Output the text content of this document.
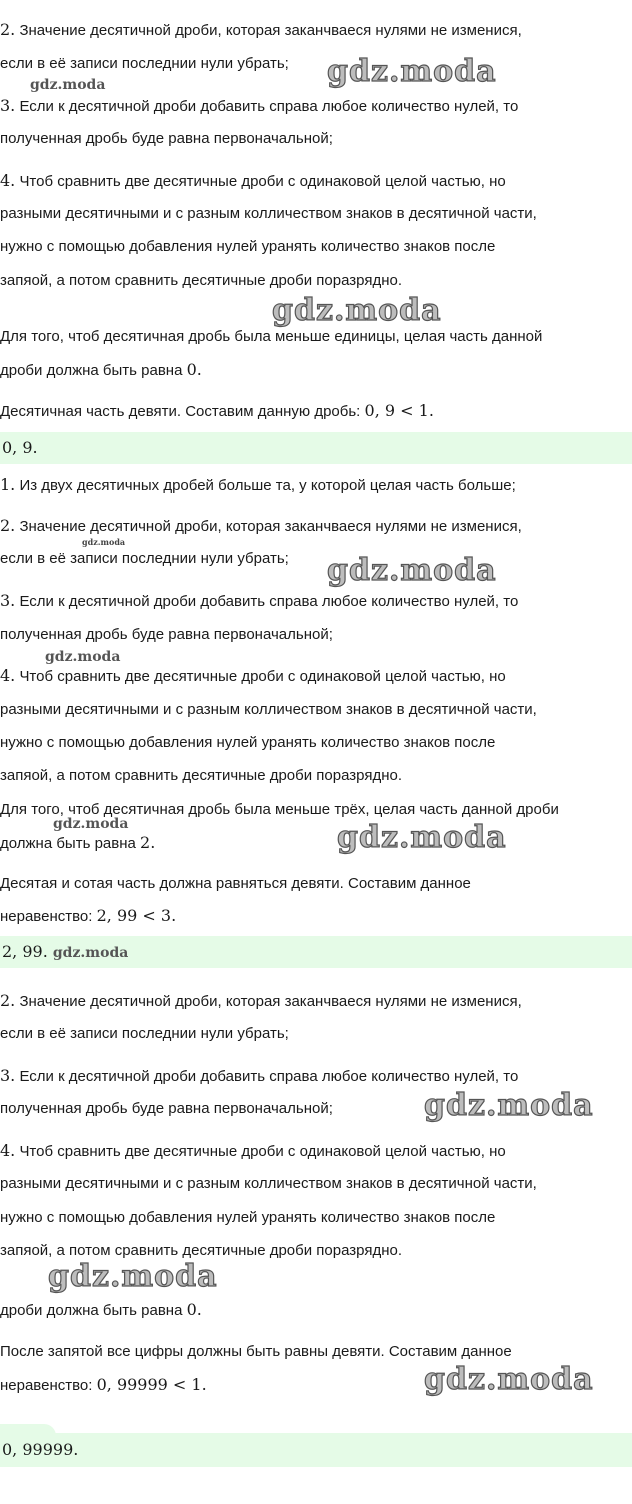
2. Значение десятичной дроби, которая заканчваеся нулями не изменися,
если в её записи последнии нули убрать; gdz.moda
gdz.moda
3. Если к десятичной дроби добавить справа любое количество нулей, то
полученная дробь буде равна первоначальной;
4. Чтоб сравнить две десятичные дроби с одинаковой целой частью, но
разными десятичными и с разным колличеством знаков в десятичной части,
нужно с помощью добавления нулей уранять количество знаков после
запяой, а потом сравнить десятичные дроби поразрядно.
gdz.moda
Для того, чтоб десятичная дробь была меньше единицы, целая часть данной
дроби должна быть равна 0.
Десятичная часть девяти. Составим данную дробь: 0, 9 < 1.
0, 9.
1. Из двух десятичных дробей больше та, у которой целая часть больше;
2. Значение десятичной дроби, которая заканчваеся нулями не изменися,
gdz.moda
если в её записи последнии нули убрать; gdz.moda
3. Если к десятичной дроби добавить справа любое количество нулей, то
полученная дробь буде равна первоначальной;
gdz.moda
4. Чтоб сравнить две десятичные дроби с одинаковой целой частью, но
разными десятичными и с разным колличеством знаков в десятичной части,
нужно с помощью добавления нулей уранять количество знаков после
запяой, а потом сравнить десятичные дроби поразрядно.
Для того, чтоб десятичная дробь была меньше трёх, целая часть данной дроби
gdz.moda
должна быть равна 2.	gdz.moda
Десятая и сотая часть должна равняться девяти. Составим данное
неравенство: 2, 99 < 3.
2, 99. gdz.moda
2. Значение десятичной дроби, которая заканчваеся нулями не изменися,
если в её записи последнии нули убрать;
3. Если к десятичной дроби добавить справа любое количество нулей, то
полученная дробь буде равна первоначальной;	gdz.moda
4. Чтоб сравнить две десятичные дроби с одинаковой целой частью, но
разными десятичными и с разным колличеством знаков в десятичной части,
нужно с помощью добавления нулей уранять количество знаков после
запяой, а потом сравнить десятичные дроби поразрядно.
gdz.moda
дроби должна быть равна 0.
После запятой все цифры должны быть равны девяти. Составим данное
неравенство: 0, 99999 < 1.	gdz.moda
0, 99999.
